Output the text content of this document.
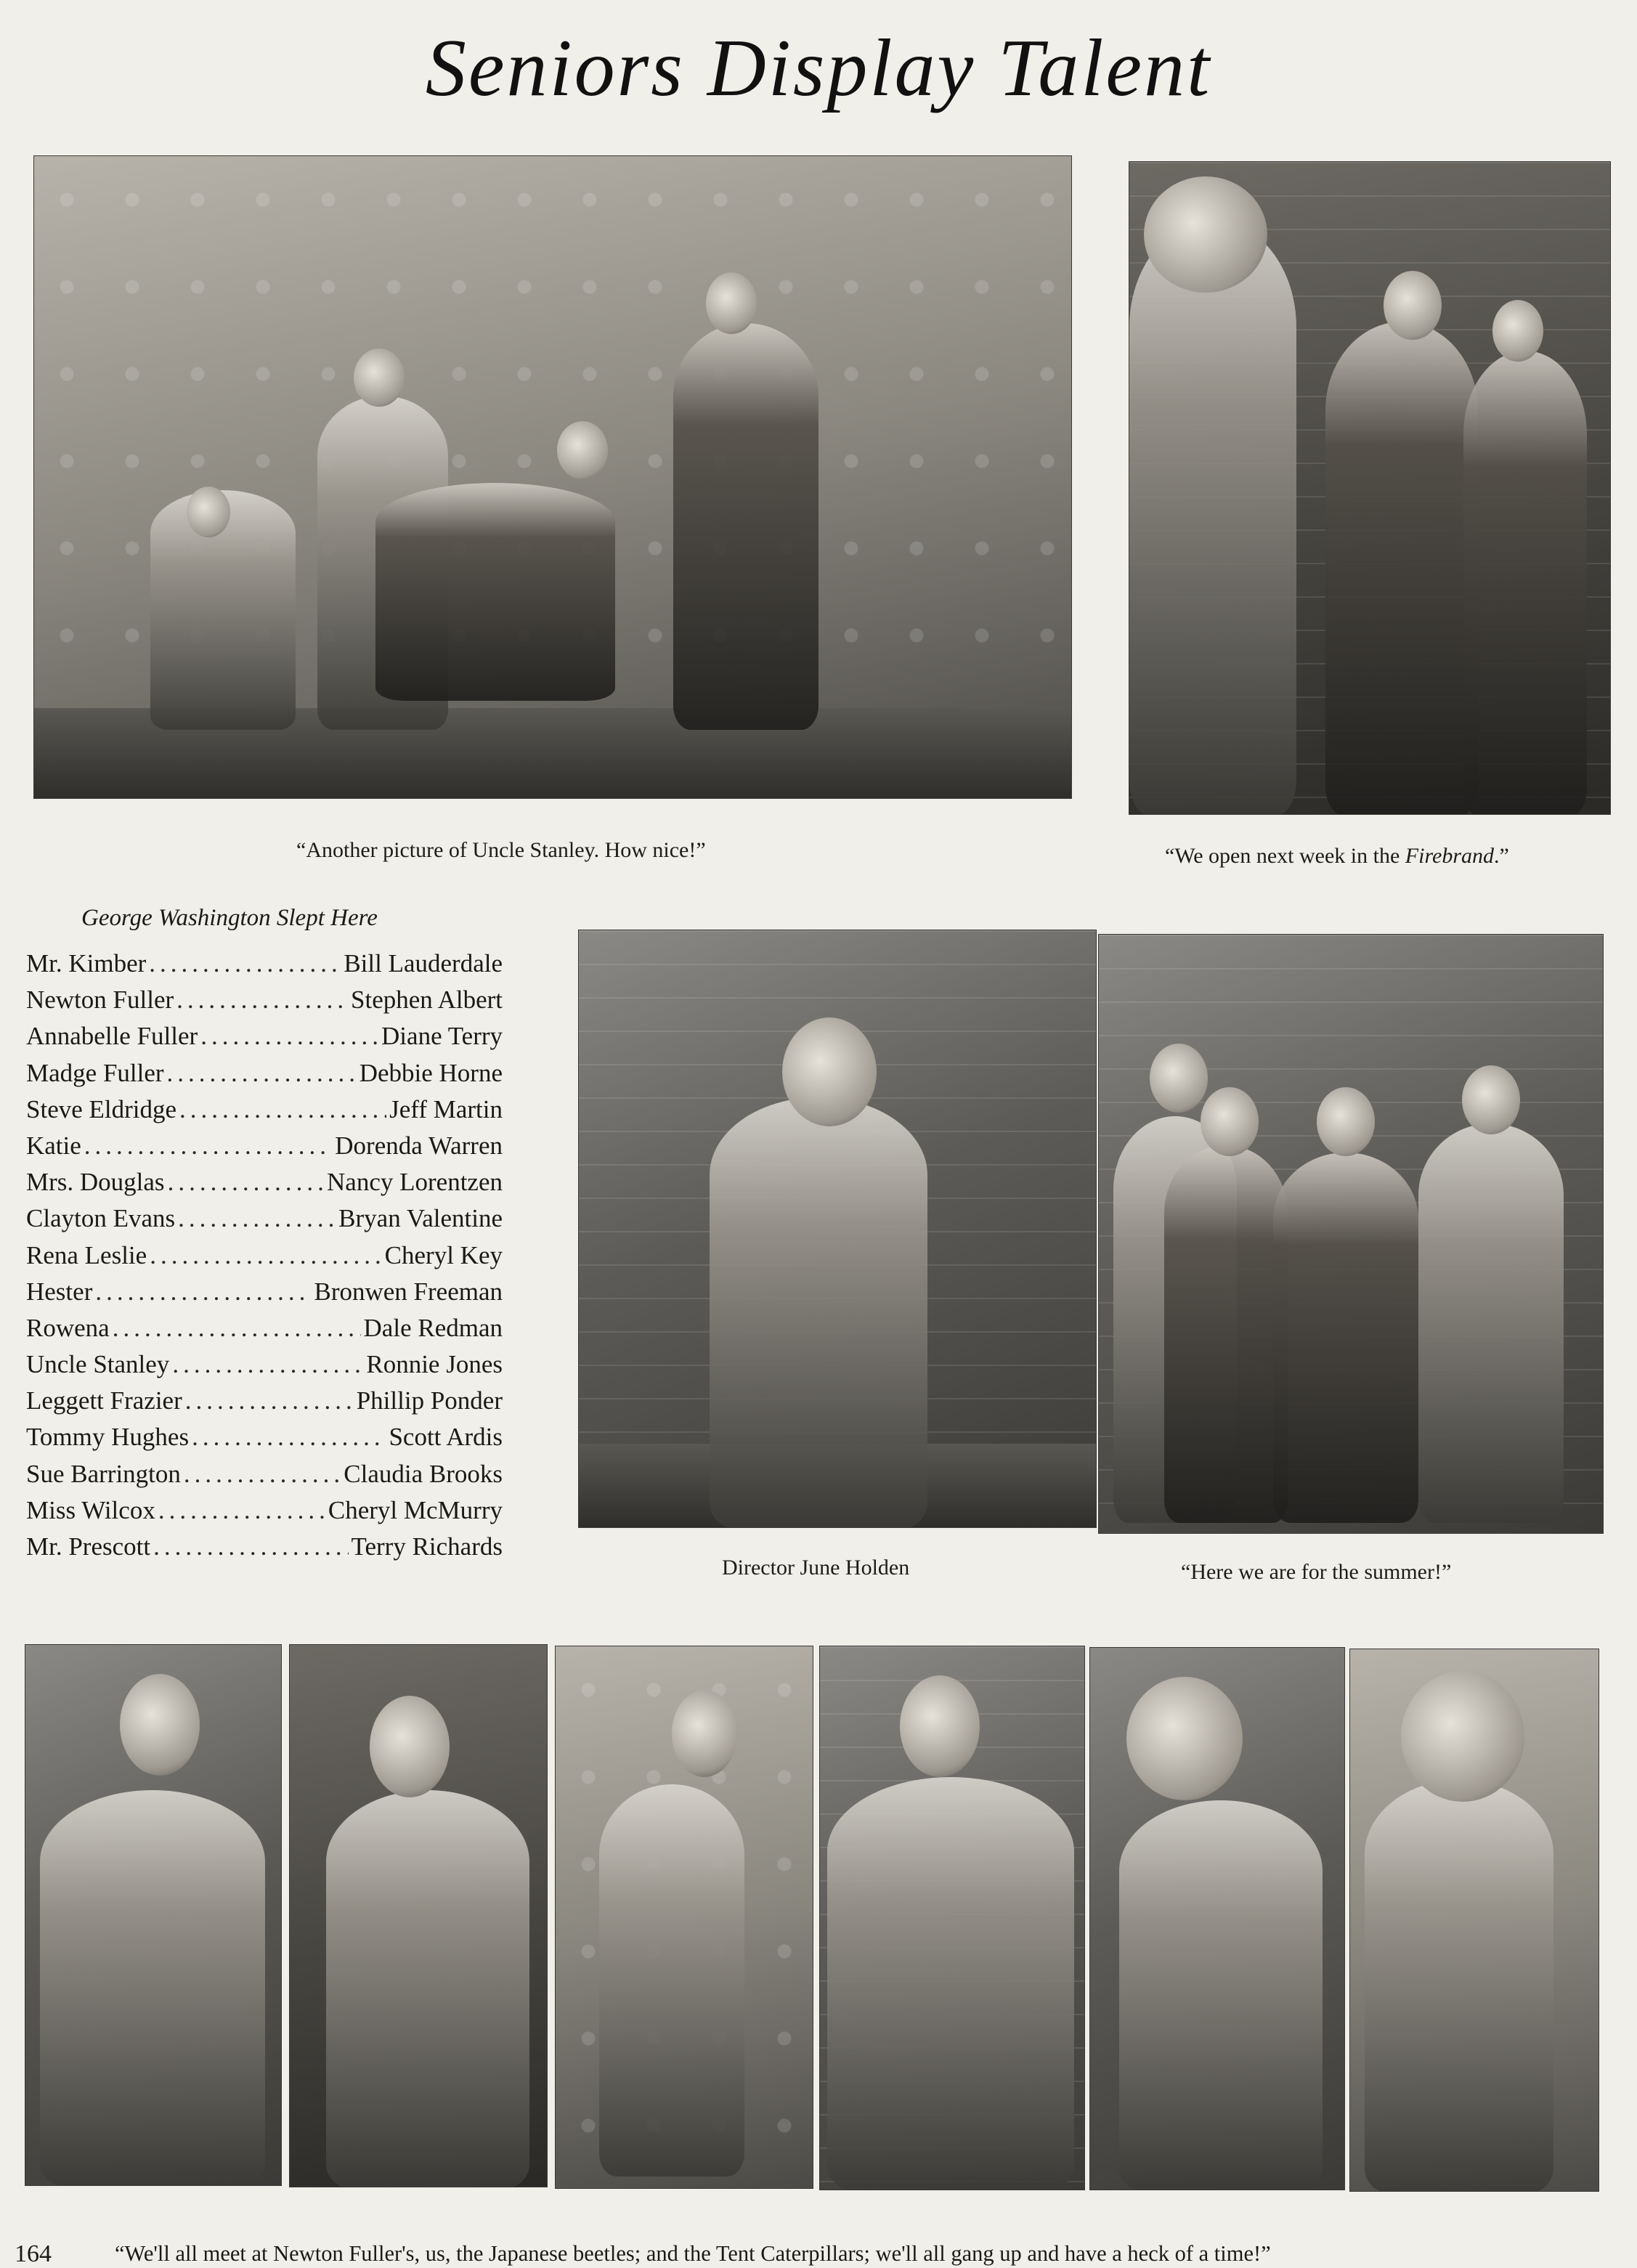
Seniors Display Talent
“Another picture of Uncle Stanley. How nice!”	“We open next week in the Firebrand.”
George Washington Slept Here
Mr. Kimber .....	Bill Lauderdale
Newton Fuller .....	Stephen Albert
Annabelle Fuller .....	Diane Terry
Madge Fuller .....	Debbie Horne
Steve Eldridge .....	Jeff Martin
Katie .....	Dorenda Warren
Mrs. Douglas .....	Nancy Lorentzen
Clayton Evans .....	Bryan Valentine
Rena Leslie .....	Cheryl Key
Hester .....	Bronwen Freeman
Rowena .....	Dale Redman
Uncle Stanley .....	Ronnie Jones
Leggett Frazier .....	Phillip Ponder
Tommy Hughes .....	Scott Ardis
Sue Barrington .....	Claudia Brooks
Miss Wilcox .....	Cheryl McMurry
Mr. Prescott .....	Terry Richards
Director June Holden	“Here we are for the summer!”
164	“We'll all meet at Newton Fuller's, us, the Japanese beetles; and the Tent Caterpillars; we'll all gang up and have a heck of a time!”
